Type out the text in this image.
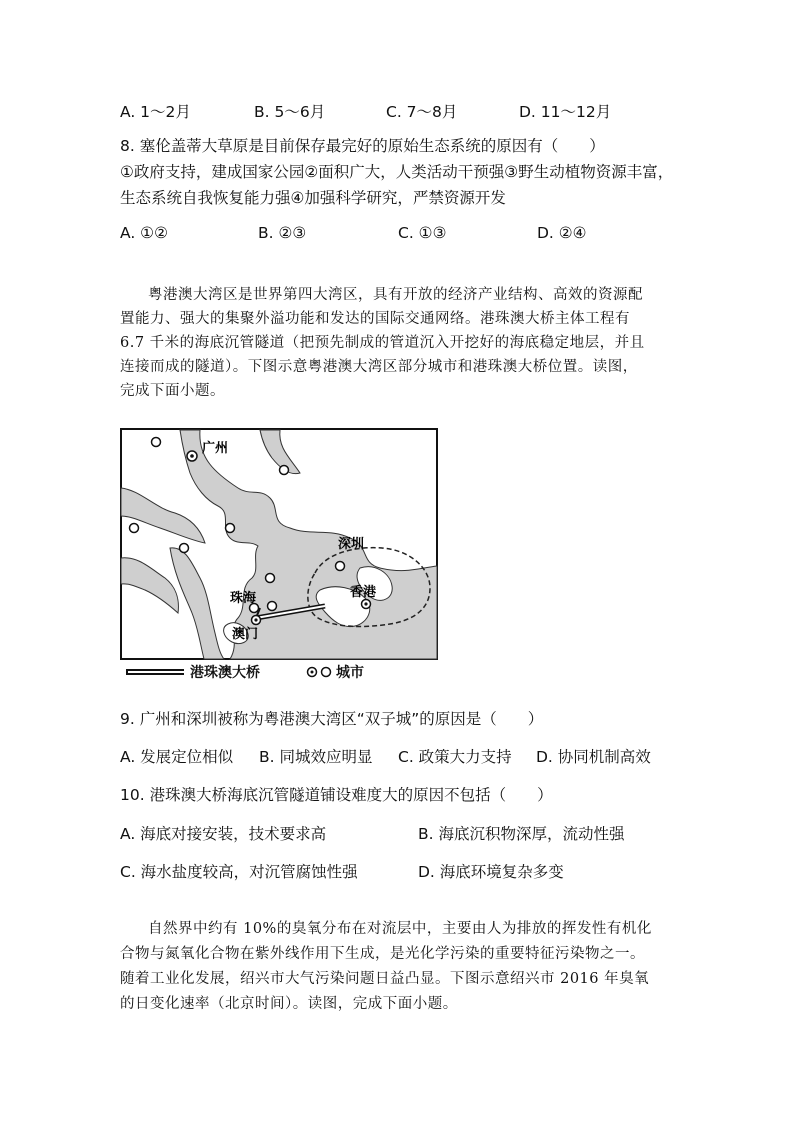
A. 1～2月	B. 5～6月	C. 7～8月	D. 11～12月
8. 塞伦盖蒂大草原是目前保存最完好的原始生态系统的原因有（　　）
①政府支持，建成国家公园②面积广大，人类活动干预强③野生动植物资源丰富，
生态系统自我恢复能力强④加强科学研究，严禁资源开发
A. ①②	B. ②③	C. ①③	D. ②④
粤港澳大湾区是世界第四大湾区，具有开放的经济产业结构、高效的资源配
置能力、强大的集聚外溢功能和发达的国际交通网络。港珠澳大桥主体工程有
6.7 千米的海底沉管隧道（把预先制成的管道沉入开挖好的海底稳定地层，并且
连接而成的隧道）。下图示意粤港澳大湾区部分城市和港珠澳大桥位置。读图，
完成下面小题。
广州
深圳
珠海	香港
澳门
港珠澳大桥	城市
9. 广州和深圳被称为粤港澳大湾区“双子城”的原因是（　　）
A. 发展定位相似 B. 同城效应明显 C. 政策大力支持 D. 协同机制高效
10. 港珠澳大桥海底沉管隧道铺设难度大的原因不包括（　　）
A. 海底对接安装，技术要求高	B. 海底沉积物深厚，流动性强
C. 海水盐度较高，对沉管腐蚀性强	D. 海底环境复杂多变
自然界中约有 10%的臭氧分布在对流层中，主要由人为排放的挥发性有机化
合物与氮氧化合物在紫外线作用下生成，是光化学污染的重要特征污染物之一。
随着工业化发展，绍兴市大气污染问题日益凸显。下图示意绍兴市 2016 年臭氧
的日变化速率（北京时间）。读图，完成下面小题。
